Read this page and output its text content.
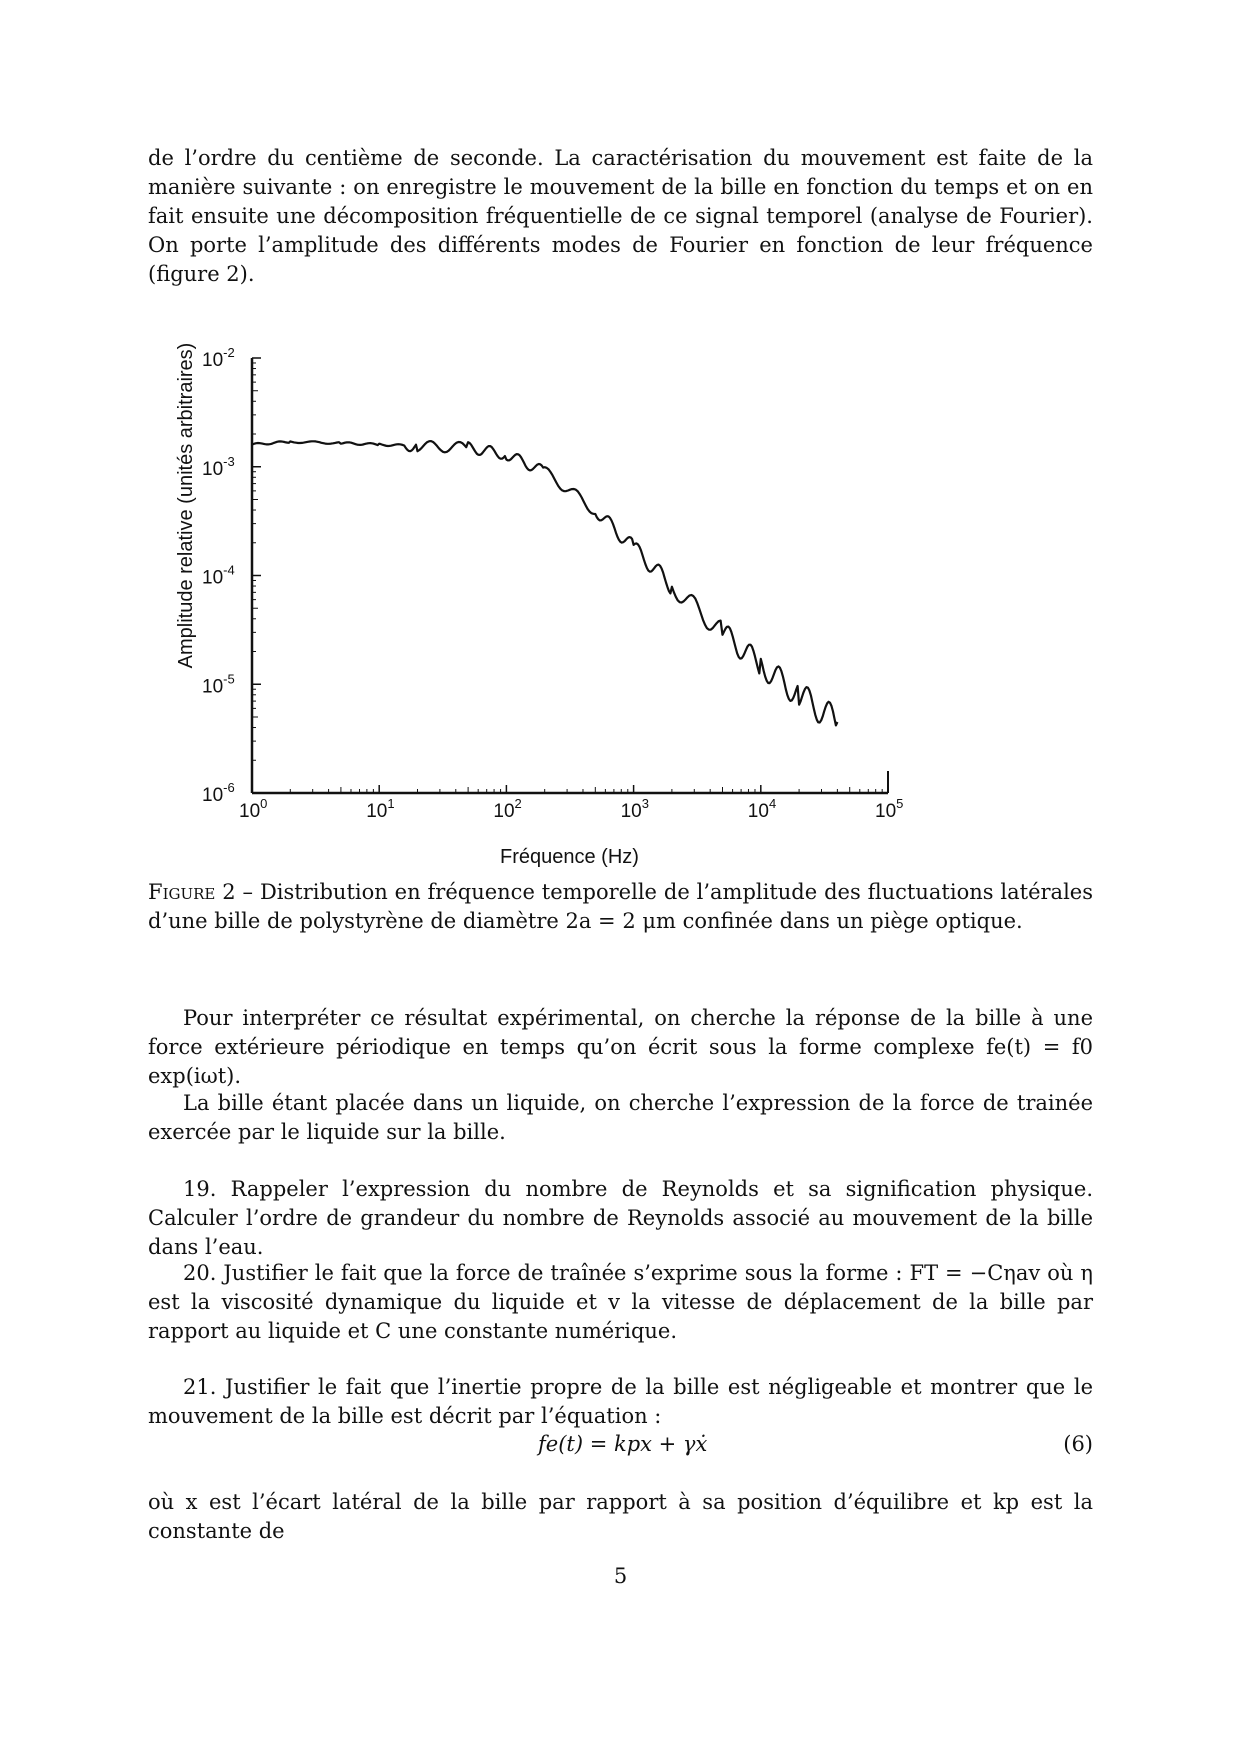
de l’ordre du centième de seconde. La caractérisation du mouvement est faite de la manière suivante : on enregistre le mouvement de la bille en fonction du temps et on en fait ensuite une décomposition fréquentielle de ce signal temporel (analyse de Fourier). On porte l’amplitude des différents modes de Fourier en fonction de leur fréquence (figure 2).

$10^0$	$10^1$	$10^2$	$10^3$	$10^4$	$10^5$
$10^{-2}$
$10^{-3}$
$10^{-4}$
$10^{-5}$
$10^{-6}$
Fréquence (Hz)
Amplitude relative (unités arbitraires)

Figure 2 – Distribution en fréquence temporelle de l’amplitude des fluctuations latérales d’une bille de polystyrène de diamètre 2a = 2 μm confinée dans un piège optique.

Pour interpréter ce résultat expérimental, on cherche la réponse de la bille à une force extérieure périodique en temps qu’on écrit sous la forme complexe fe(t) = f0 exp(iωt).

La bille étant placée dans un liquide, on cherche l’expression de la force de trainée exercée par le liquide sur la bille.

19. Rappeler l’expression du nombre de Reynolds et sa signification physique. Calculer l’ordre de grandeur du nombre de Reynolds associé au mouvement de la bille dans l’eau.

20. Justifier le fait que la force de traînée s’exprime sous la forme : FT = −Cηav où η est la viscosité dynamique du liquide et v la vitesse de déplacement de la bille par rapport au liquide et C une constante numérique.

21. Justifier le fait que l’inertie propre de la bille est négligeable et montrer que le mouvement de la bille est décrit par l’équation :

fe(t) = kpx + γẋ	(6)

où x est l’écart latéral de la bille par rapport à sa position d’équilibre et kp est la constante de

5
